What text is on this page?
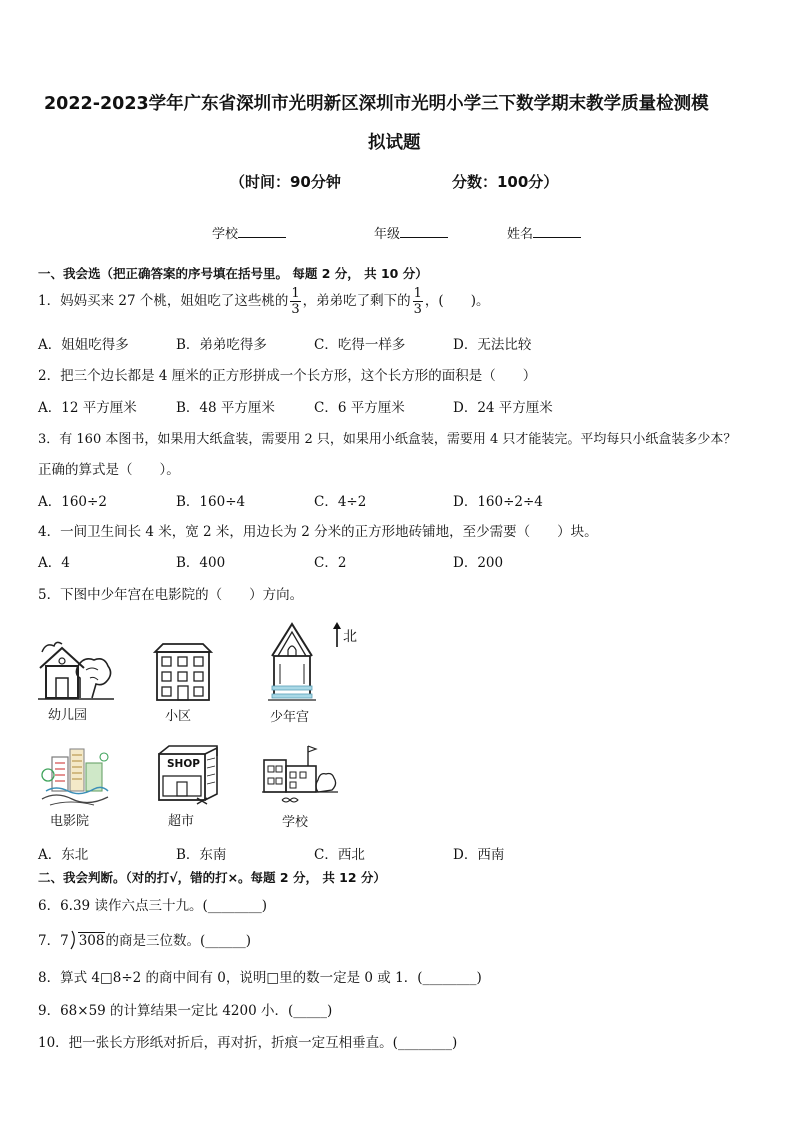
2022-2023学年广东省深圳市光明新区深圳市光明小学三下数学期末教学质量检测模
拟试题
（时间：90分钟	分数：100分）
学校	年级	姓名
一、我会选（把正确答案的序号填在括号里。 每题 2 分， 共 10 分）
1．妈妈买来 27 个桃，姐姐吃了这些桃的 $\frac{1}{3}$ ，弟弟吃了剩下的 $\frac{1}{3}$ ，(　　)。
A．姐姐吃得多	B．弟弟吃得多	C．吃得一样多	D．无法比较
2．把三个边长都是 4 厘米的正方形拼成一个长方形，这个长方形的面积是（　　）
A．12 平方厘米	B．48 平方厘米	C．6 平方厘米	D．24 平方厘米
3．有 160 本图书，如果用大纸盒装，需要用 2 只，如果用小纸盒装，需要用 4 只才能装完。平均每只小纸盒装多少本？
正确的算式是（　　）。
A．160÷2	B．160÷4	C．4÷2	D．160÷2÷4
4．一间卫生间长 4 米，宽 2 米，用边长为 2 分米的正方形地砖铺地，至少需要（　　）块。
A．4	B．400	C．2	D．200
5．下图中少年宫在电影院的（　　）方向。
北
幼儿园	小区	少年宫
电影院
SHOP
超市	学校
A．东北	B．东南	C．西北	D．西南
二、我会判断。（对的打√，错的打×。每题 2 分， 共 12 分）
6．6.39 读作六点三十九。(________)
7．7 308的商是三位数。(______)
8．算式 4□8÷2 的商中间有 0，说明□里的数一定是 0 或 1．(________)
9．68×59 的计算结果一定比 4200 小．(_____)
10．把一张长方形纸对折后，再对折，折痕一定互相垂直。(________)
